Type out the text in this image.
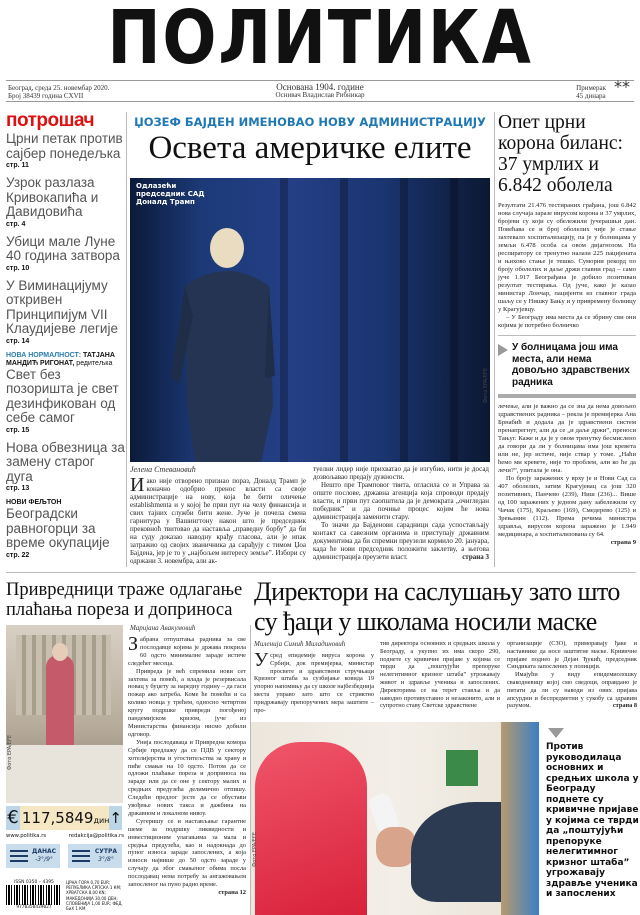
ПОЛИТИКА
Београд, среда 25. новембар 2020.
Број 38439 година CXVII
Основана 1904. године
Оснивач Владислав Рибникар
Примерак
45 динара **
потрошач
Црни петак против сајбер понедељка
стр. 11
Узрок разлаза Кривокапића и Давидовића
стр. 4
Убици мале Луне 40 година затвора
стр. 10
У Виминацијуму откривен Принципијум VII Клаудијеве легије
стр. 14
НОВА НОРМАЛНОСТ: ТАТЈАНА МАНДИЋ РИГОНАТ, редитељка
Свет без позоришта је свет дезинфикован од себе самог
стр. 15
Нова обвезница за замену старог дуга
стр. 13
НОВИ ФЕЉТОН
Београдски равногорци за време окупације
стр. 22
ЏОЗЕФ БАЈДЕН ИМЕНОВАО НОВУ АДМИНИСТРАЦИЈУ
Освета америчке елите
Одлазећи председник САД Доналд Трамп
Фото EPA/EFE
Јелена Стевановић

Иако није отворено признао пораз, Доналд Трамп је коначно одобрио пренос власти са своје администрације на нову, која ће бити оличење establishmentа и у којој ће први пут на челу финансија и свих тајних служби бити жене. Јуче је почела смена гарнитура у Вашингтону након што је председник прековноћ твитовао да наставља „праведну борбу” да би на суду доказао наводну крађу гласова, али је ипак затражио од својих званичника да сарађују с тимом Џоа Бајдена, јер је то у „најбољем интересу земље”. Избори су одржани 3. новембра, али ак-

туелни лидер није прихватао да је изгубио, нити је досад дозвољавао предају дужности.

Нешто пре Трамповог твита, огласила се и Управа за опште послове, државна агенција која спроводи предају власти, и први пут саопштила да је демократа „очигледан победник” и да почиње процес којим ће нова администрација заменити стару.

То значи да Бајденови сарадници сада успостављају контакт са савезним органима и приступају државним документима да би спремни преузели кормило 20. јануара, када ће нови председник положити заклетву, а његова администрација преузети власт.	страна 3

Опет црни корона биланс: 37 умрлих и 6.842 оболела

Резултати 21.476 тестираних грађана, још 6.842 нова случаја заразе вирусом корона и 37 умрлих, бројеви су који су обележили јучерашњи дан. Повећава се и број оболелих чије је стање захтевало хоспитализацију, па је у болницама у земљи 6.478 особа са овом дијагнозом. На респиратору се тренутно налази 225 пацијената и њихово стање је тешко. Суморни рекорд по броју оболелих и даље држи главни град – само јуче 1.917 Београђана је добило позитиван резултат тестирања. Од јуче, како је казао министар Лончар, пацијенти из главног града шаљу се у Нишку Бању и у привремену болницу у Крагујевцу.

– У Београду има места да се збрину сви они којима је потребно болничко

У болницама још има места, али нема довољно здравствених радника

лечење, али је важно да се зна да нема довољно здравствених радника – рекла је премијерка Ана Брнабић и додала да је здравствени систем пренапрегнут, али да се „и даље држи”, преноси Тањуг. Каже и да је у овом тренутку бесмислено да говори да ли у болницама има још кревета или не, јер истиче, није ствар у томе. „Наћи ћемо ми кревете, није то проблем, али ко ће да лечи?”, упитала је она.

По броју заражених у врху је и Нови Сад са 407 оболелих, затим Крагујевац са још 320 позитивних, Панчево (239), Ниш (236)... Више од 100 заражених у једном дану забележили су Чачак (175), Краљево (169), Смедерево (125) и Зрењанин (112). Према речима министра здравља, вирусом корона заражено је 1.949 медицинара, а хоспитализована су 64.
страна 9

Привредници траже одлагање плаћања пореза и доприноса
Фото EPA/EFE
Маријана Авакумовић

Забрана отпуштања радника за све послодавце којима је држава покрила 60 одсто минималне зараде истиче следећег месеца.

Привреда је већ спремила нови сет захтева за помоћ, а влада је резервисала новац у буџету за наредну годину – да гаси пожар ако затреба. Коме ће помоћи и са колико новца у трећем, односно четвртом кругу подршке привреди погођеној пандемијском кризом, јуче из Министарства финансија нисмо добили одговор.

Унија послодаваца и Привредна комора Србије предлажу да се ПДВ у сектору хотелијерства и угоститељства за храну и пиће смањи на 10 одсто. Потом да се одложи плаћање пореза и доприноса на зараде или да се оне у сектору малих и средњих предузећа делимично отпишу. Следећи предлог јесте да се обустави увођење нових такса и дажбина на државном и локалном нивоу.

Сугеришу се и настављање гарантне шеме за подршку ликвидности и инвестиционим улагањима за мала и средња предузећа, као и надокнада до пуног износа зараде запослених, а која износи највише до 50 одсто зараде у случају да због смањеног обима посла послодавац нема потребу за ангажовањем запосленог на пуно радно време.
страна 12

€ 117,5849дин ↑
www.politika.rs	redakcija@politika.rs
ДАНАС
-3°/9°
СУТРА
3°/8°
ISSN 0350 – 4395
9770350439027
ЦРНА ГОРА 0,70 EUR; РЕПУБЛИКА СРПСКА 1 КМ; ХРВАТСКА 8,00 KN; МАКЕДОНИЈА 30,00 ДЕН; СЛОВЕНИЈА 1,00 EUR; ФЕД. БиХ 1 КМ
Директори на саслушању зато што
су ђаци у школама носили маске
Миленија Симић Миладиновић

Усред епидемије вируса корона у Србији, док премијерка, министар просвете и здравствени стручњаци Кризног штаба за сузбијање ковида 19 упорно напомињу да су школе најбезбеднија места управо зато што се стриктно придржавају препоручених мера заштите – про-

тив директора основних и средњих школа у Београду, а укупно их има скоро 290, поднете су кривичне пријаве у којима се тврди да „поштујући препоруке нелегитимног кризног штаба” угрожавају живот и здравље ученика и запослених. Директорима се на терет ставља и да наводно противуставно и незаконито, али и супротно ставу Светске здравствене

организације (СЗО), приморавају ђаке и наставнике да носе заштитне маске. Кривичне пријаве поднео је Дејан Ђукић, председник Синдиката запослених у полицији.

Имајући у виду епидемиолошку свакодневицу којој смо сведоци, оправдано је питати да ли су наводи из ових пријава апсурдни и беспредметни у сукобу са здравим разумом.	страна 8

Фото EPA/EFE
Против руководилаца основних и средњих школа у Београду поднете су кривичне пријаве у којима се тврди да „поштујући препоруке нелегитимног кризног штаба” угрожавају здравље ученика и запослених
